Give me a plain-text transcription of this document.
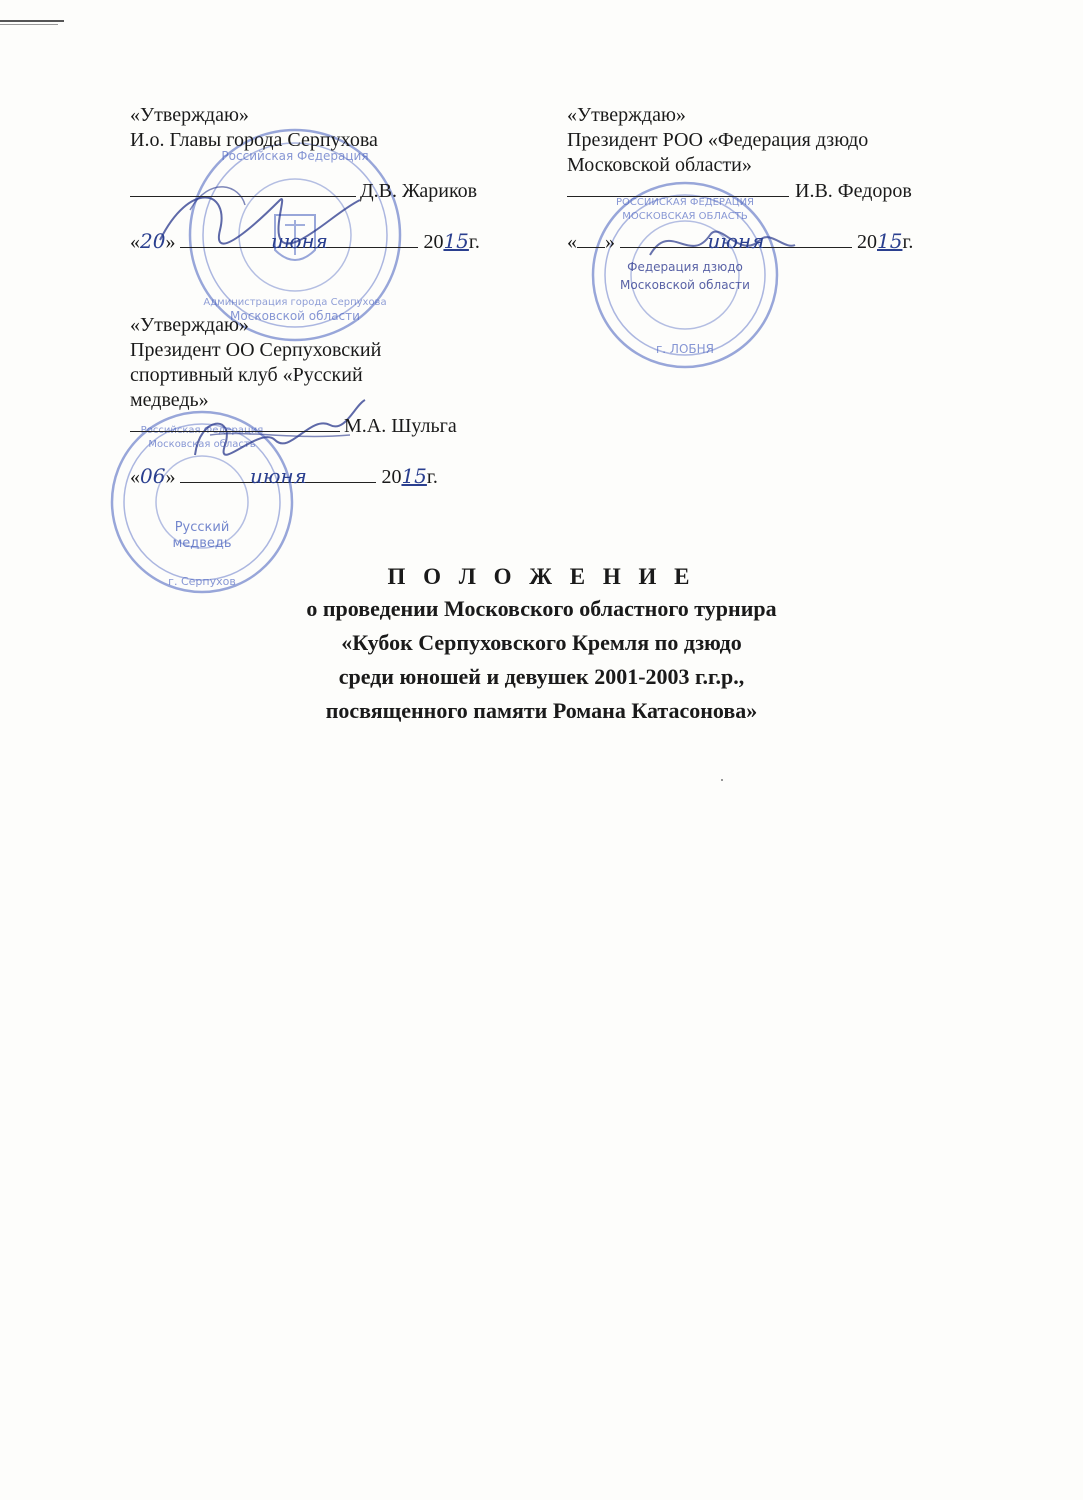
Российская Федерация
Московской области
Администрация города Серпухова
РОССИЙСКАЯ ФЕДЕРАЦИЯ
МОСКОВСКАЯ ОБЛАСТЬ
Федерация дзюдо
Московской области
г. ЛОБНЯ
Российская Федерация
Московская область
Русский
медведь
г. Серпухов
«Утверждаю»
И.о. Главы города Серпухова
Д.В. Жариков
«20»	июня	2015г.
«Утверждаю»
Президент РОО «Федерация дзюдо
Московской области»
И.В. Федоров
« »	июня	2015г.
«Утверждаю»
Президент ОО Серпуховский
спортивный клуб «Русский
медведь»
М.А. Шульга
«06»	июня	2015г.
П О Л О Ж Е Н И Е
о проведении Московского областного турнира
«Кубок Серпуховского Кремля по дзюдо
среди юношей и девушек 2001-2003 г.г.р.,
посвященного памяти Романа Катасонова»
